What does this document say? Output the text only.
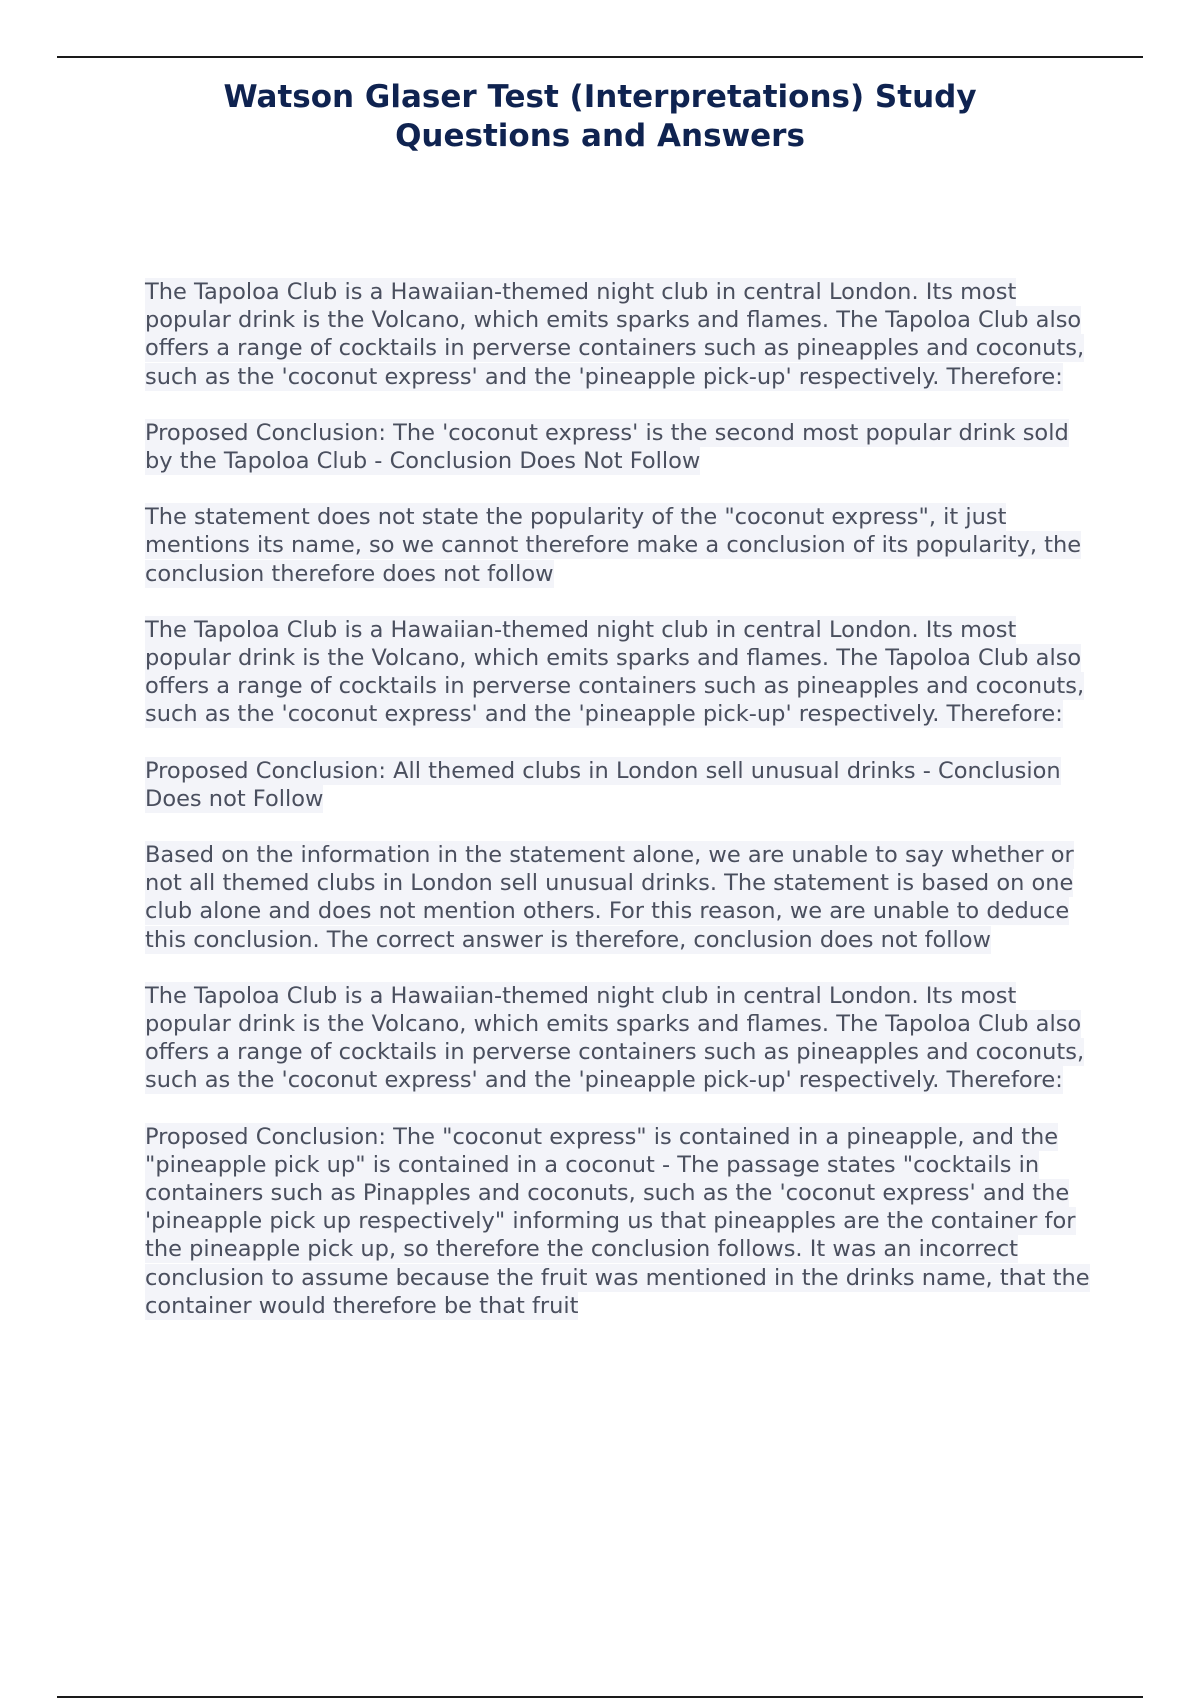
Watson Glaser Test (Interpretations) Study Questions and Answers

The Tapoloa Club is a Hawaiian-themed night club in central London. Its most popular drink is the Volcano, which emits sparks and flames. The Tapoloa Club also offers a range of cocktails in perverse containers such as pineapples and coconuts, such as the 'coconut express' and the 'pineapple pick-up' respectively. Therefore:

Proposed Conclusion: The 'coconut express' is the second most popular drink sold by the Tapoloa Club - Conclusion Does Not Follow

The statement does not state the popularity of the "coconut express", it just mentions its name, so we cannot therefore make a conclusion of its popularity, the conclusion therefore does not follow

The Tapoloa Club is a Hawaiian-themed night club in central London. Its most popular drink is the Volcano, which emits sparks and flames. The Tapoloa Club also offers a range of cocktails in perverse containers such as pineapples and coconuts, such as the 'coconut express' and the 'pineapple pick-up' respectively. Therefore:

Proposed Conclusion: All themed clubs in London sell unusual drinks - Conclusion Does not Follow

Based on the information in the statement alone, we are unable to say whether or not all themed clubs in London sell unusual drinks. The statement is based on one club alone and does not mention others. For this reason, we are unable to deduce this conclusion. The correct answer is therefore, conclusion does not follow

The Tapoloa Club is a Hawaiian-themed night club in central London. Its most popular drink is the Volcano, which emits sparks and flames. The Tapoloa Club also offers a range of cocktails in perverse containers such as pineapples and coconuts, such as the 'coconut express' and the 'pineapple pick-up' respectively. Therefore:

Proposed Conclusion: The "coconut express" is contained in a pineapple, and the "pineapple pick up" is contained in a coconut - The passage states "cocktails in containers such as Pinapples and coconuts, such as the 'coconut express' and the 'pineapple pick up respectively" informing us that pineapples are the container for the pineapple pick up, so therefore the conclusion follows. It was an incorrect conclusion to assume because the fruit was mentioned in the drinks name, that the container would therefore be that fruit
